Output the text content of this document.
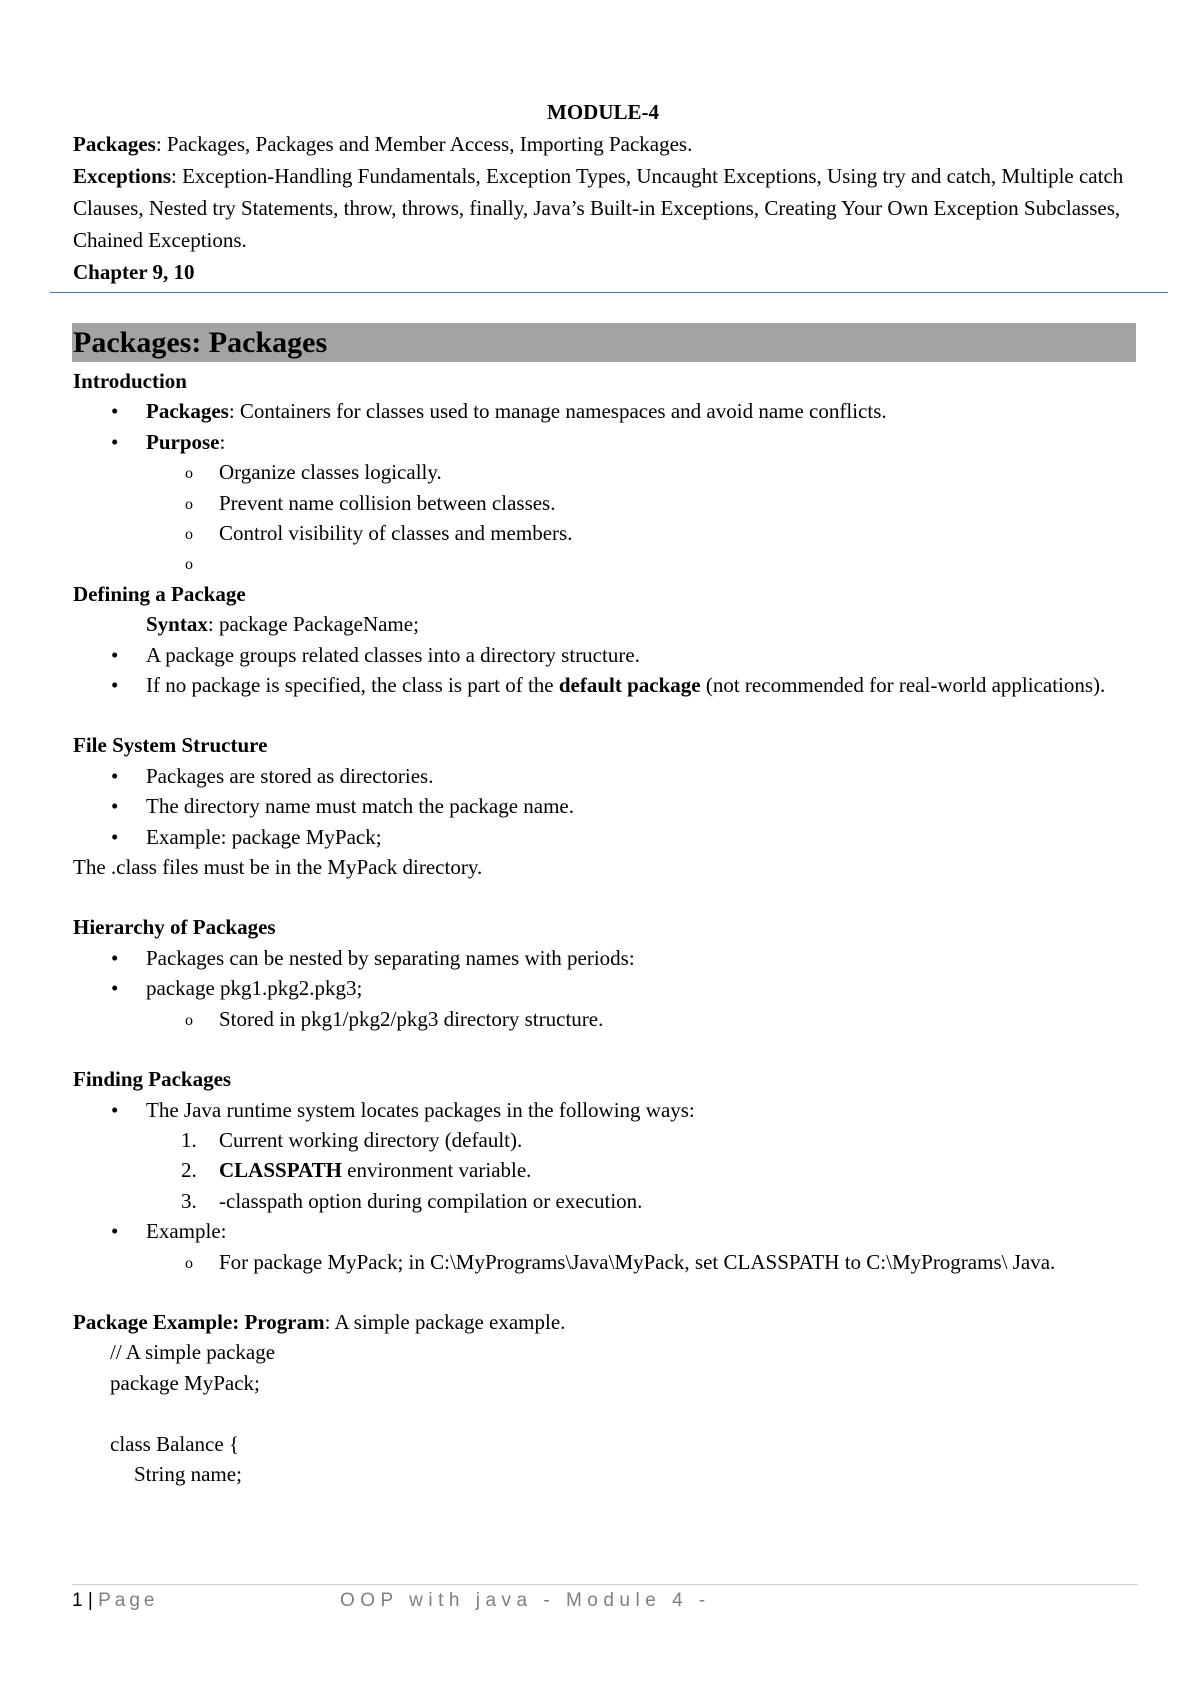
MODULE-4

Packages: Packages, Packages and Member Access, Importing Packages.

Exceptions: Exception-Handling Fundamentals, Exception Types, Uncaught Exceptions, Using try and catch, Multiple catch Clauses, Nested try Statements, throw, throws, finally, Java’s Built-in Exceptions, Creating Your Own Exception Subclasses, Chained Exceptions.

Chapter 9, 10

Packages: Packages
Introduction
• Packages: Containers for classes used to manage namespaces and avoid name conflicts.
• Purpose:
o Organize classes logically.
o Prevent name collision between classes.
o Control visibility of classes and members.
o
Defining a Package
Syntax: package PackageName;
• A package groups related classes into a directory structure.
• If no package is specified, the class is part of the default package (not recommended for real-world applications).
File System Structure
• Packages are stored as directories.
• The directory name must match the package name.
• Example: package MyPack;
The .class files must be in the MyPack directory.
Hierarchy of Packages
• Packages can be nested by separating names with periods:
• package pkg1.pkg2.pkg3;
o Stored in pkg1/pkg2/pkg3 directory structure.
Finding Packages
• The Java runtime system locates packages in the following ways:
Current working directory (default).
CLASSPATH environment variable.
-classpath option during compilation or execution.
• Example:
o For package MyPack; in C:\MyPrograms\Java\MyPack, set CLASSPATH to C:\MyPrograms\ Java.
Package Example: Program: A simple package example.
// A simple package
package MyPack;
class Balance {
String name;
1 | Page	OOP with java - Module 4 -
